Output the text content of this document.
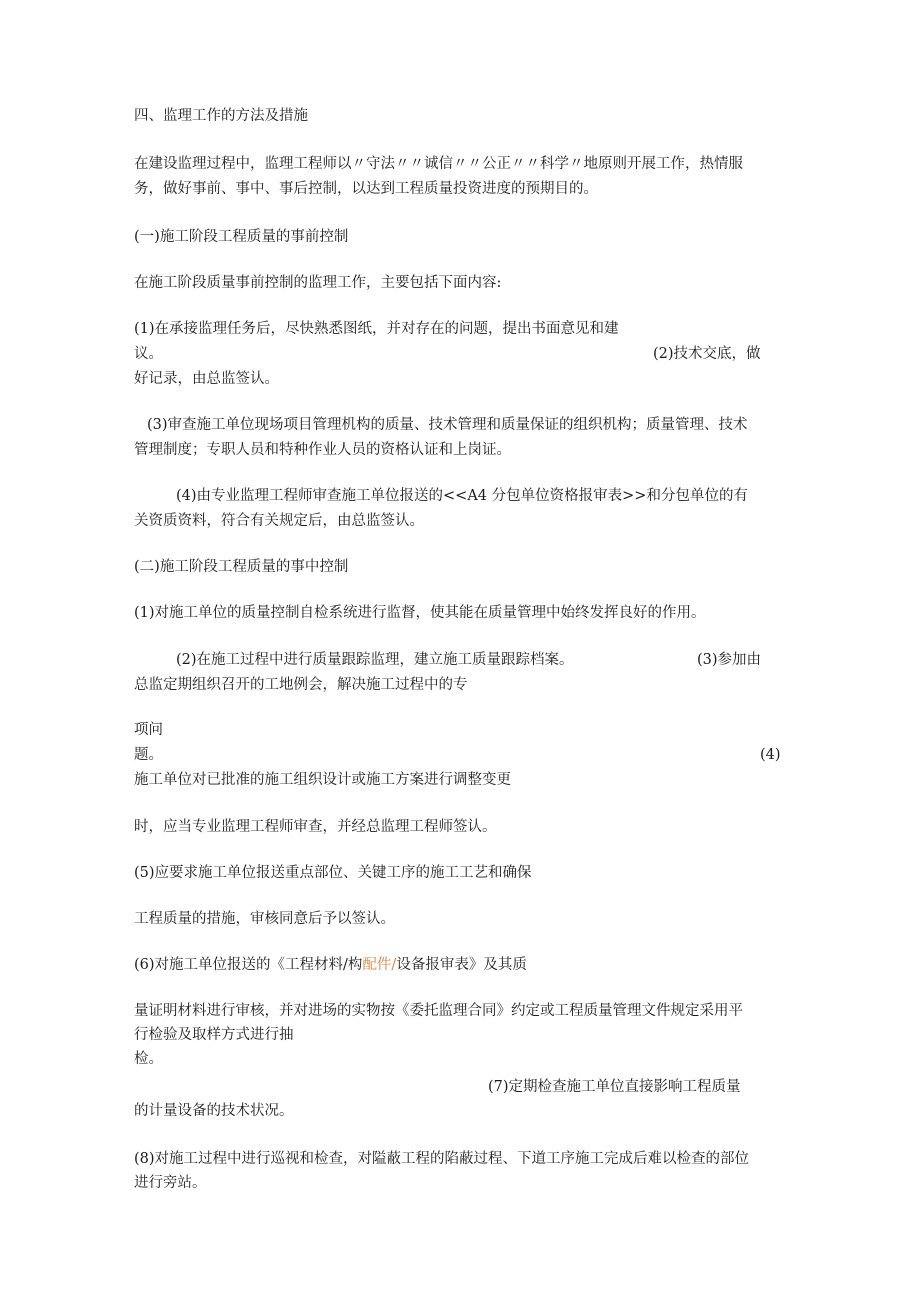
四、监理工作的方法及措施
在建设监理过程中，监理工程师以〃守法〃〃诚信〃〃公正〃〃科学〃地原则开展工作，热情服
务，做好事前、事中、事后控制，以达到工程质量投资进度的预期目的。
(一)施工阶段工程质量的事前控制
在施工阶段质量事前控制的监理工作，主要包括下面内容:
(1)在承接监理任务后，尽快熟悉图纸，并对存在的问题，提出书面意见和建
议。	(2)技术交底，做
好记录，由总监签认。
(3)审查施工单位现场项目管理机构的质量、技术管理和质量保证的组织机构；质量管理、技术
管理制度；专职人员和特种作业人员的资格认证和上岗证。
(4)由专业监理工程师审查施工单位报送的<<A4 分包单位资格报审表>>和分包单位的有
关资质资料，符合有关规定后，由总监签认。
(二)施工阶段工程质量的事中控制
(1)对施工单位的质量控制自检系统进行监督，使其能在质量管理中始终发挥良好的作用。
(2)在施工过程中进行质量跟踪监理，建立施工质量跟踪档案。	(3)参加由
总监定期组织召开的工地例会，解决施工过程中的专
项问
题。	(4)
施工单位对已批准的施工组织设计或施工方案进行调整变更
时，应当专业监理工程师审查，并经总监理工程师签认。
(5)应要求施工单位报送重点部位、关键工序的施工工艺和确保
工程质量的措施，审核同意后予以签认。
(6)对施工单位报送的《工程材料/构配件/设备报审表》及其质
量证明材料进行审核，并对进场的实物按《委托监理合同》约定或工程质量管理文件规定采用平
行检验及取样方式进行抽
检。
(7)定期检查施工单位直接影响工程质量
的计量设备的技术状况。
(8)对施工过程中进行巡视和检查，对隘蔽工程的陷蔽过程、下道工序施工完成后难以检查的部位
进行旁站。
